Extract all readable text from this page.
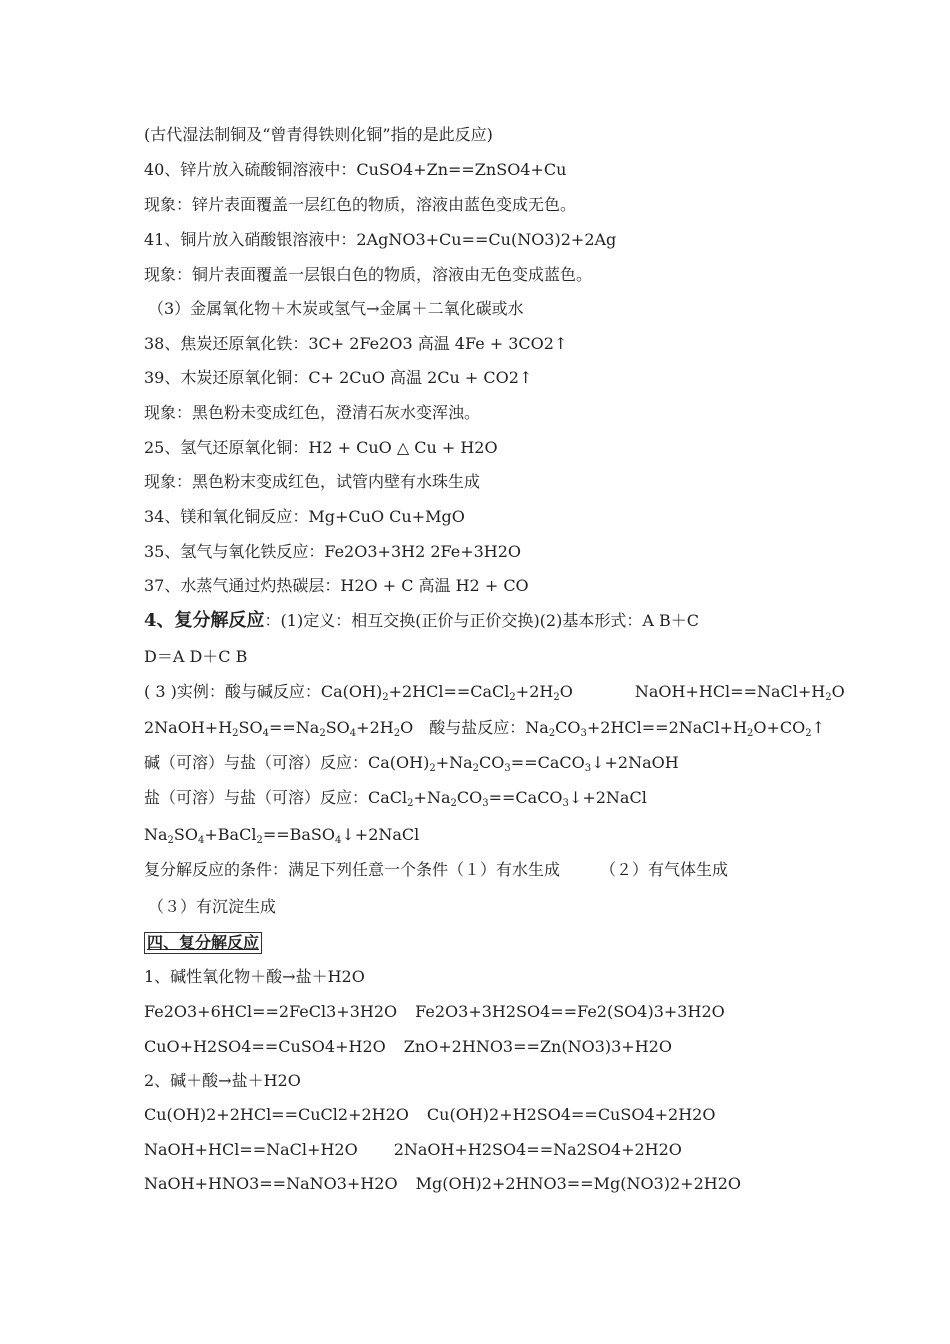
(古代湿法制铜及“曾青得铁则化铜”指的是此反应)
40、锌片放入硫酸铜溶液中：CuSO4+Zn==ZnSO4+Cu
现象：锌片表面覆盖一层红色的物质，溶液由蓝色变成无色。
41、铜片放入硝酸银溶液中：2AgNO3+Cu==Cu(NO3)2+2Ag
现象：铜片表面覆盖一层银白色的物质，溶液由无色变成蓝色。
（3）金属氧化物＋木炭或氢气→金属＋二氧化碳或水
38、焦炭还原氧化铁：3C+ 2Fe2O3 高温 4Fe + 3CO2↑
39、木炭还原氧化铜：C+ 2CuO 高温 2Cu + CO2↑
现象：黑色粉未变成红色，澄清石灰水变浑浊。
25、氢气还原氧化铜：H2 + CuO △ Cu + H2O
现象：黑色粉末变成红色，试管内壁有水珠生成
34、镁和氧化铜反应：Mg+CuO Cu+MgO
35、氢气与氧化铁反应：Fe2O3+3H2 2Fe+3H2O
37、水蒸气通过灼热碳层：H2O + C 高温 H2 + CO
4、复分解反应：(1)定义：相互交换(正价与正价交换)(2)基本形式：A B＋C
D＝A D＋C B
( 3 )实例：酸与碱反应：$Ca(OH)_2+2HCl==CaCl_2+2H_2O$	$NaOH+HCl==NaCl+H_2O$
$2NaOH+H_2SO_4==Na_2SO_4+2H_2O$　酸与盐反应：$Na_2CO_3+2HCl==2NaCl+H_2O+CO_2↑$
碱（可溶）与盐（可溶）反应：$Ca(OH)_2+Na_2CO_3==CaCO_3↓+2NaOH$
盐（可溶）与盐（可溶）反应：$CaCl_2+Na_2CO_3==CaCO_3↓+2NaCl$
$Na_2SO_4+BaCl_2==BaSO_4↓+2NaCl$
复分解反应的条件：满足下列任意一个条件（１）有水生成	（２）有气体生成
（３）有沉淀生成
四、复分解反应
1、碱性氧化物＋酸→盐＋H2O
Fe2O3+6HCl==2FeCl3+3H2O Fe2O3+3H2SO4==Fe2(SO4)3+3H2O
CuO+H2SO4==CuSO4+H2O ZnO+2HNO3==Zn(NO3)3+H2O
2、碱＋酸→盐＋H2O
Cu(OH)2+2HCl==CuCl2+2H2O Cu(OH)2+H2SO4==CuSO4+2H2O
NaOH+HCl==NaCl+H2O 2NaOH+H2SO4==Na2SO4+2H2O
NaOH+HNO3==NaNO3+H2O Mg(OH)2+2HNO3==Mg(NO3)2+2H2O
